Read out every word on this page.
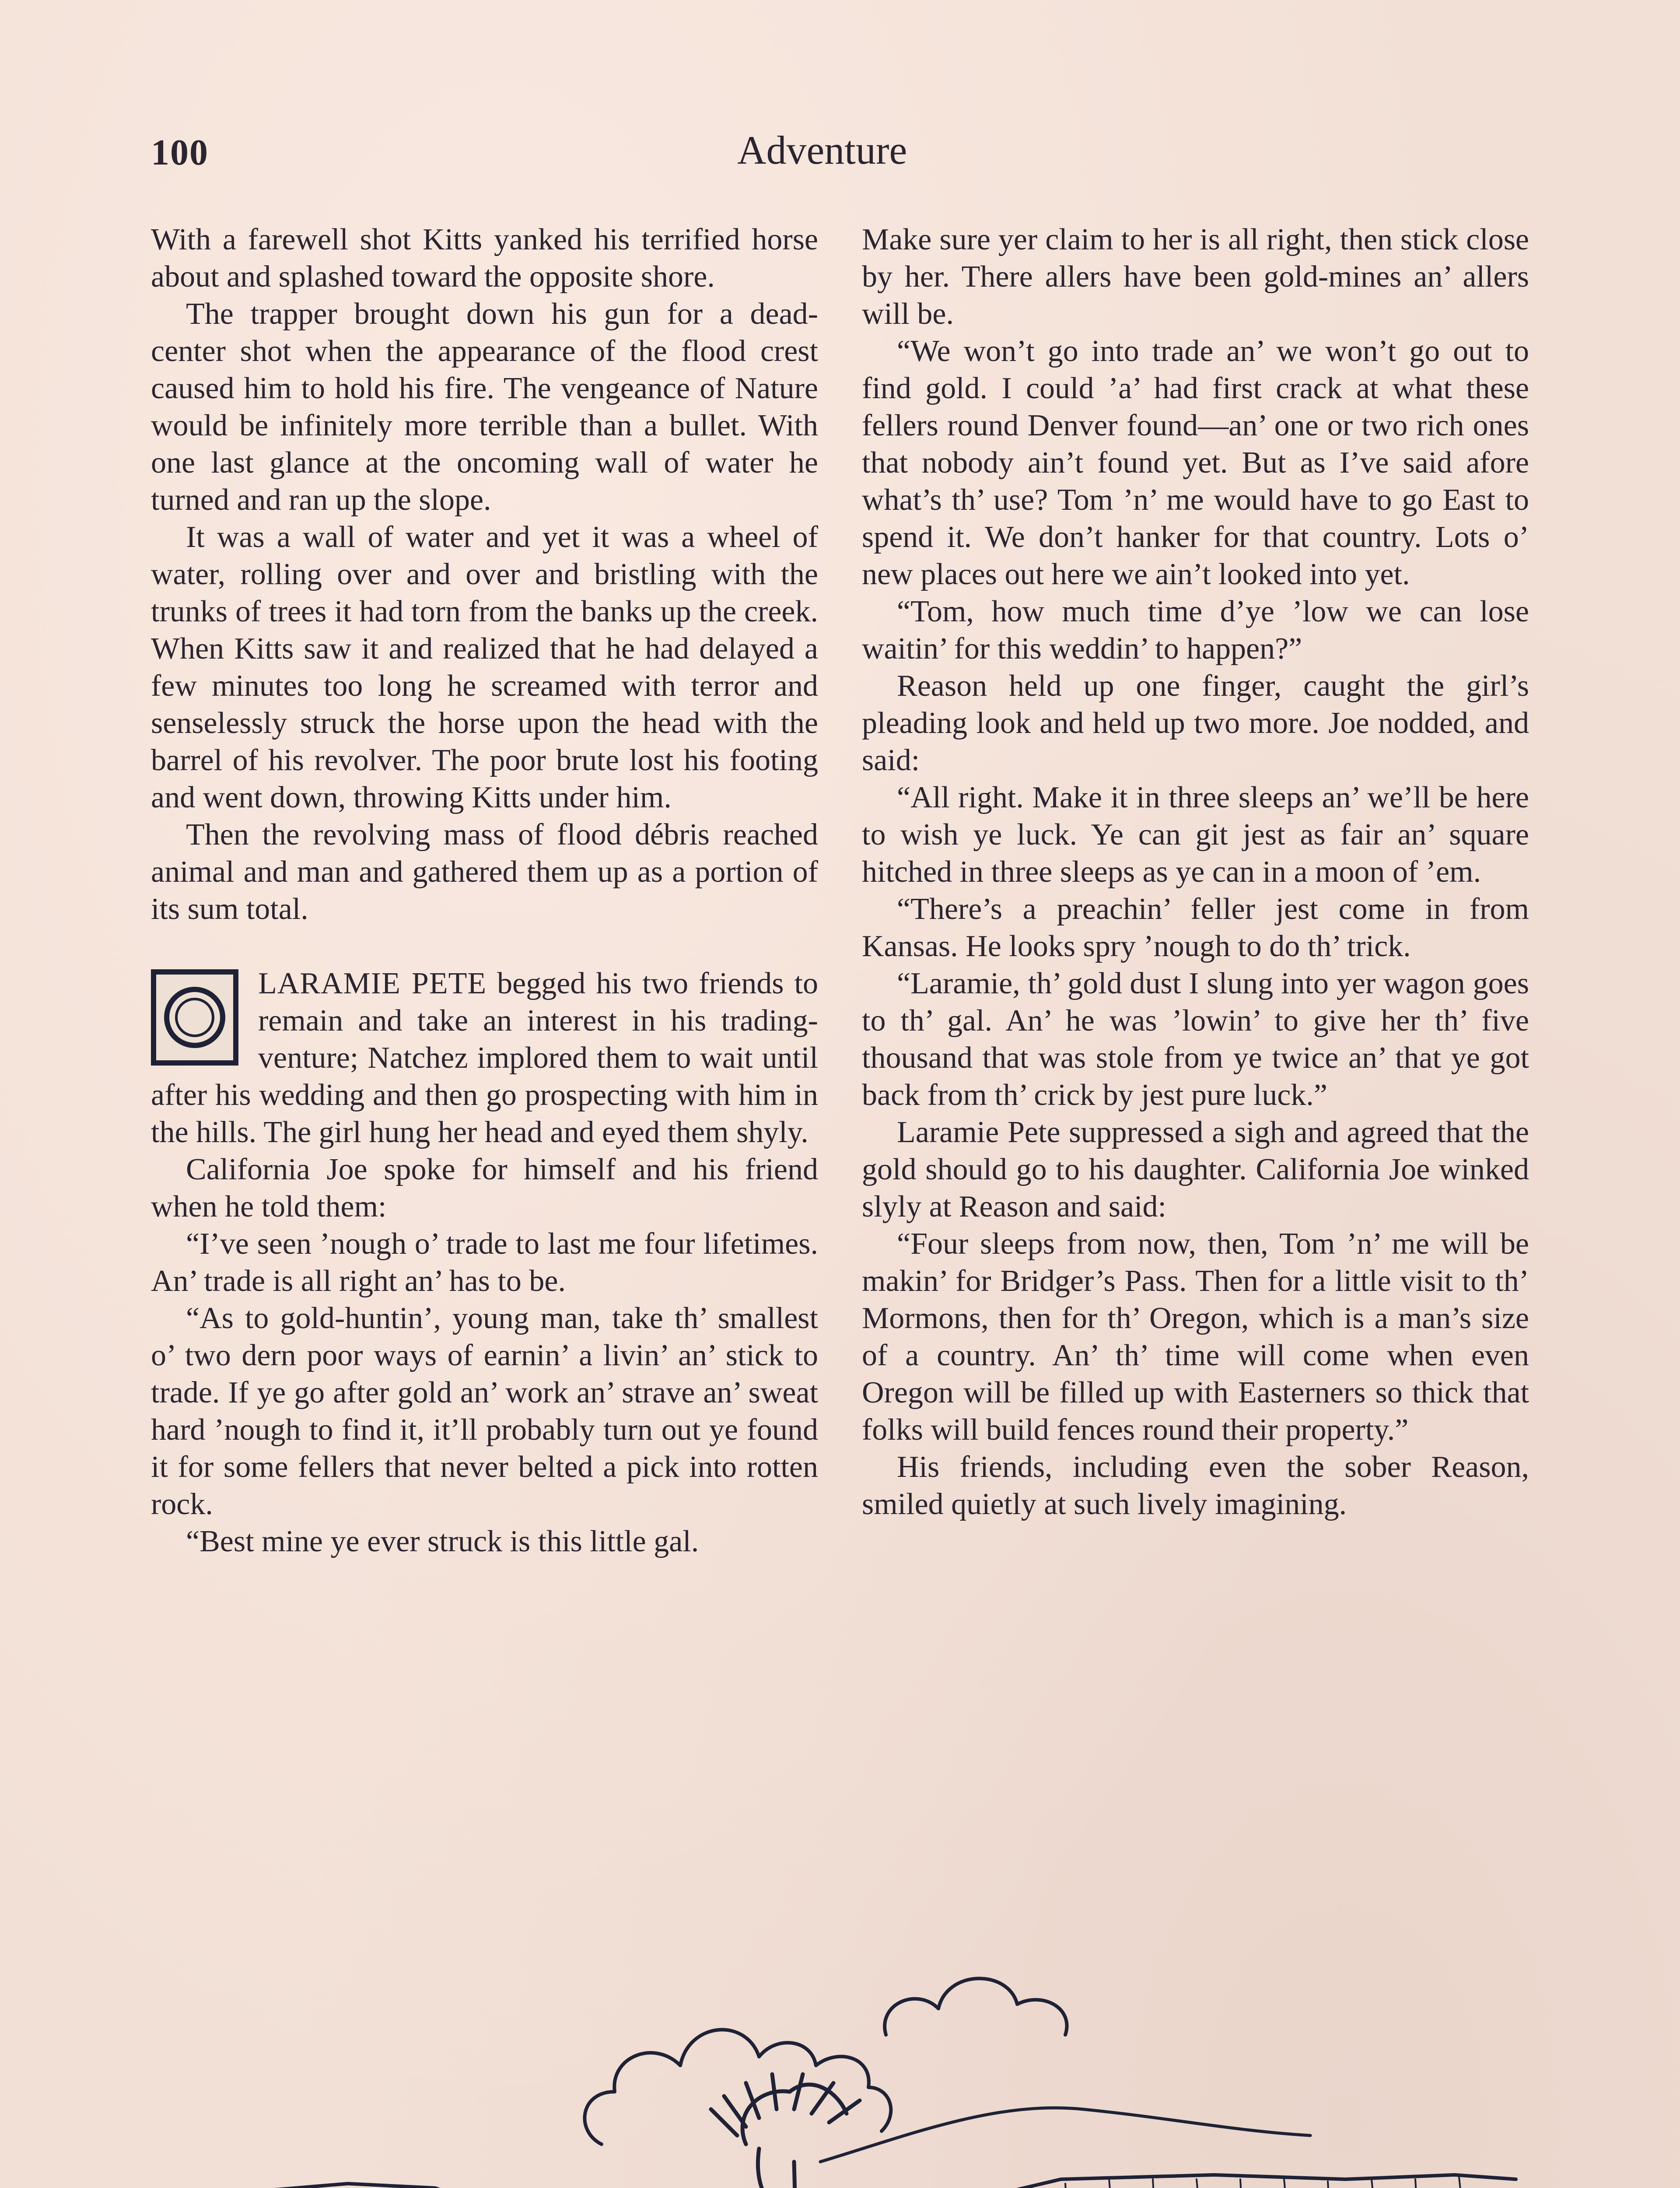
100	Adventure

With a farewell shot Kitts yanked his terrified horse about and splashed toward the opposite shore.

The trapper brought down his gun for a dead-center shot when the appearance of the flood crest caused him to hold his fire. The vengeance of Nature would be infinitely more terrible than a bullet. With one last glance at the oncoming wall of water he turned and ran up the slope.

It was a wall of water and yet it was a wheel of water, rolling over and over and bristling with the trunks of trees it had torn from the banks up the creek. When Kitts saw it and realized that he had delayed a few minutes too long he screamed with terror and senselessly struck the horse upon the head with the barrel of his revolver. The poor brute lost his footing and went down, throwing Kitts under him.

Then the revolving mass of flood débris reached animal and man and gathered them up as a portion of its sum total.

LARAMIE PETE begged his two friends to remain and take an interest in his trading-venture; Natchez implored them to wait until after his wedding and then go prospecting with him in the hills. The girl hung her head and eyed them shyly.

California Joe spoke for himself and his friend when he told them:

“I’ve seen ’nough o’ trade to last me four lifetimes. An’ trade is all right an’ has to be.

“As to gold-huntin’, young man, take th’ smallest o’ two dern poor ways of earnin’ a livin’ an’ stick to trade. If ye go after gold an’ work an’ strave an’ sweat hard ’nough to find it, it’ll probably turn out ye found it for some fellers that never belted a pick into rotten rock.

“Best mine ye ever struck is this little gal.

Make sure yer claim to her is all right, then stick close by her. There allers have been gold-mines an’ allers will be.

“We won’t go into trade an’ we won’t go out to find gold. I could ’a’ had first crack at what these fellers round Denver found—an’ one or two rich ones that nobody ain’t found yet. But as I’ve said afore what’s th’ use? Tom ’n’ me would have to go East to spend it. We don’t hanker for that country. Lots o’ new places out here we ain’t looked into yet.

“Tom, how much time d’ye ’low we can lose waitin’ for this weddin’ to happen?”

Reason held up one finger, caught the girl’s pleading look and held up two more. Joe nodded, and said:

“All right. Make it in three sleeps an’ we’ll be here to wish ye luck. Ye can git jest as fair an’ square hitched in three sleeps as ye can in a moon of ’em.

“There’s a preachin’ feller jest come in from Kansas. He looks spry ’nough to do th’ trick.

“Laramie, th’ gold dust I slung into yer wagon goes to th’ gal. An’ he was ’lowin’ to give her th’ five thousand that was stole from ye twice an’ that ye got back from th’ crick by jest pure luck.”

Laramie Pete suppressed a sigh and agreed that the gold should go to his daughter. California Joe winked slyly at Reason and said:

“Four sleeps from now, then, Tom ’n’ me will be makin’ for Bridger’s Pass. Then for a little visit to th’ Mormons, then for th’ Oregon, which is a man’s size of a country. An’ th’ time will come when even Oregon will be filled up with Easterners so thick that folks will build fences round their property.”

His friends, including even the sober Reason, smiled quietly at such lively imagining.
